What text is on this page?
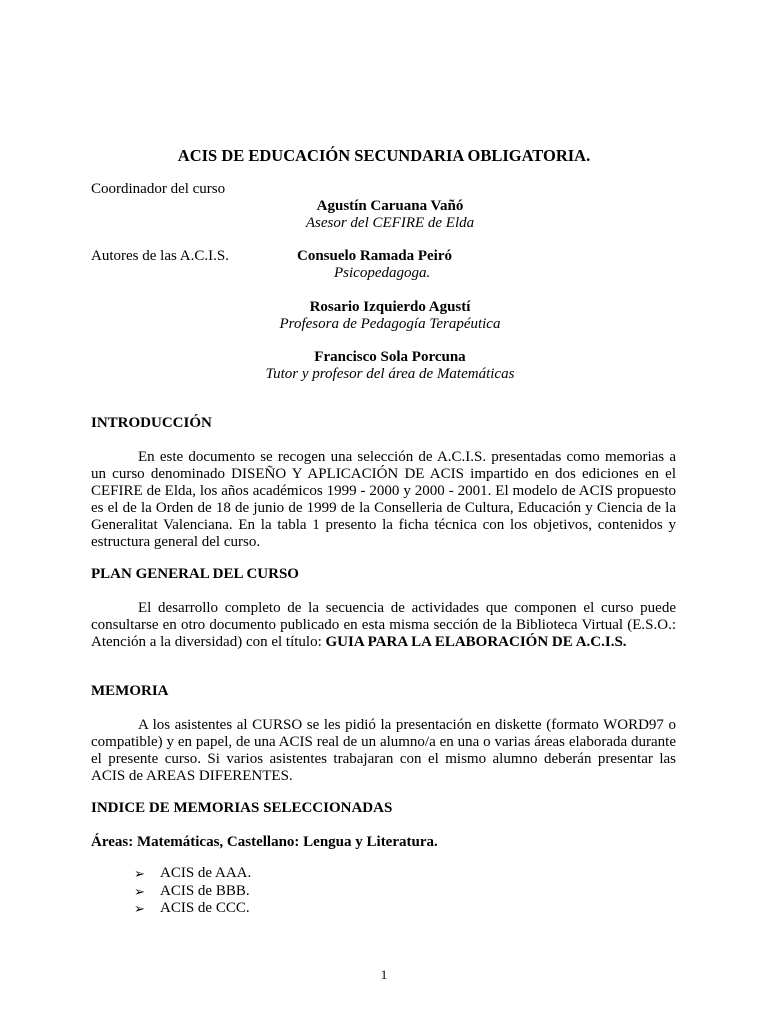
ACIS DE EDUCACIÓN SECUNDARIA OBLIGATORIA.
Coordinador del curso
Agustín Caruana Vañó
Asesor del CEFIRE de Elda
Autores de las A.C.I.S.	Consuelo Ramada Peiró
Psicopedagoga.
Rosario Izquierdo Agustí
Profesora de Pedagogía Terapéutica
Francisco Sola Porcuna
Tutor y profesor del área de Matemáticas
INTRODUCCIÓN
En este documento se recogen una selección de A.C.I.S. presentadas como memorias a un curso denominado DISEÑO Y APLICACIÓN DE ACIS impartido en dos ediciones en el CEFIRE de Elda, los años académicos 1999 - 2000 y 2000 - 2001. El modelo de ACIS propuesto es el de la Orden de 18 de junio de 1999 de la Conselleria de Cultura, Educación y Ciencia de la Generalitat Valenciana. En la tabla 1 presento la ficha técnica con los objetivos, contenidos y estructura general del curso.
PLAN GENERAL DEL CURSO
El desarrollo completo de la secuencia de actividades que componen el curso puede consultarse en otro documento publicado en esta misma sección de la Biblioteca Virtual (E.S.O.: Atención a la diversidad) con el título: GUIA PARA LA ELABORACIÓN DE A.C.I.S.
MEMORIA
A los asistentes al CURSO se les pidió la presentación en diskette (formato WORD97 o compatible) y en papel, de una ACIS real de un alumno/a en una o varias áreas elaborada durante el presente curso. Si varios asistentes trabajaran con el mismo alumno deberán presentar las ACIS de AREAS DIFERENTES.
INDICE DE MEMORIAS SELECCIONADAS
Áreas: Matemáticas, Castellano: Lengua y Literatura.
➢	ACIS de AAA.
➢	ACIS de BBB.
➢	ACIS de CCC.
1
